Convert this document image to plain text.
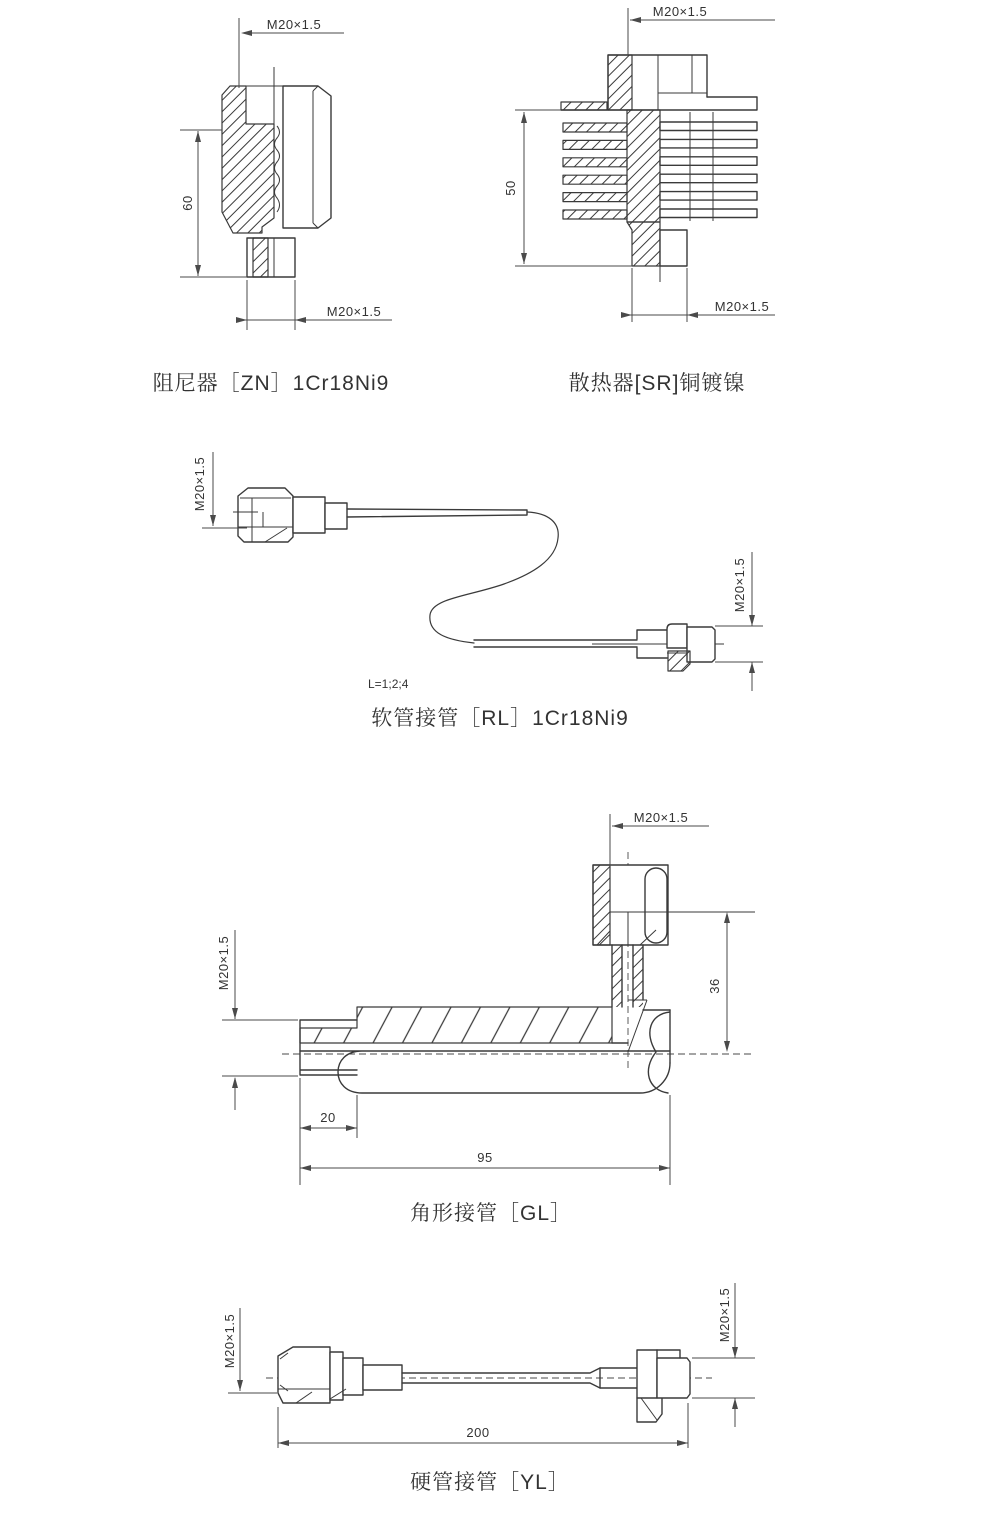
M20×1.5
60
M20×1.5
阻尼器［ZN］1Cr18Ni9
M20×1.5
50
M20×1.5
散热器[SR]铜镀镍
M20×1.5
M20×1.5
L=1;2;4
软管接管［RL］1Cr18Ni9
M20×1.5
M20×1.5	36
20
95
角形接管［GL］
M20×1.5	M20×1.5
200
硬管接管［YL］
